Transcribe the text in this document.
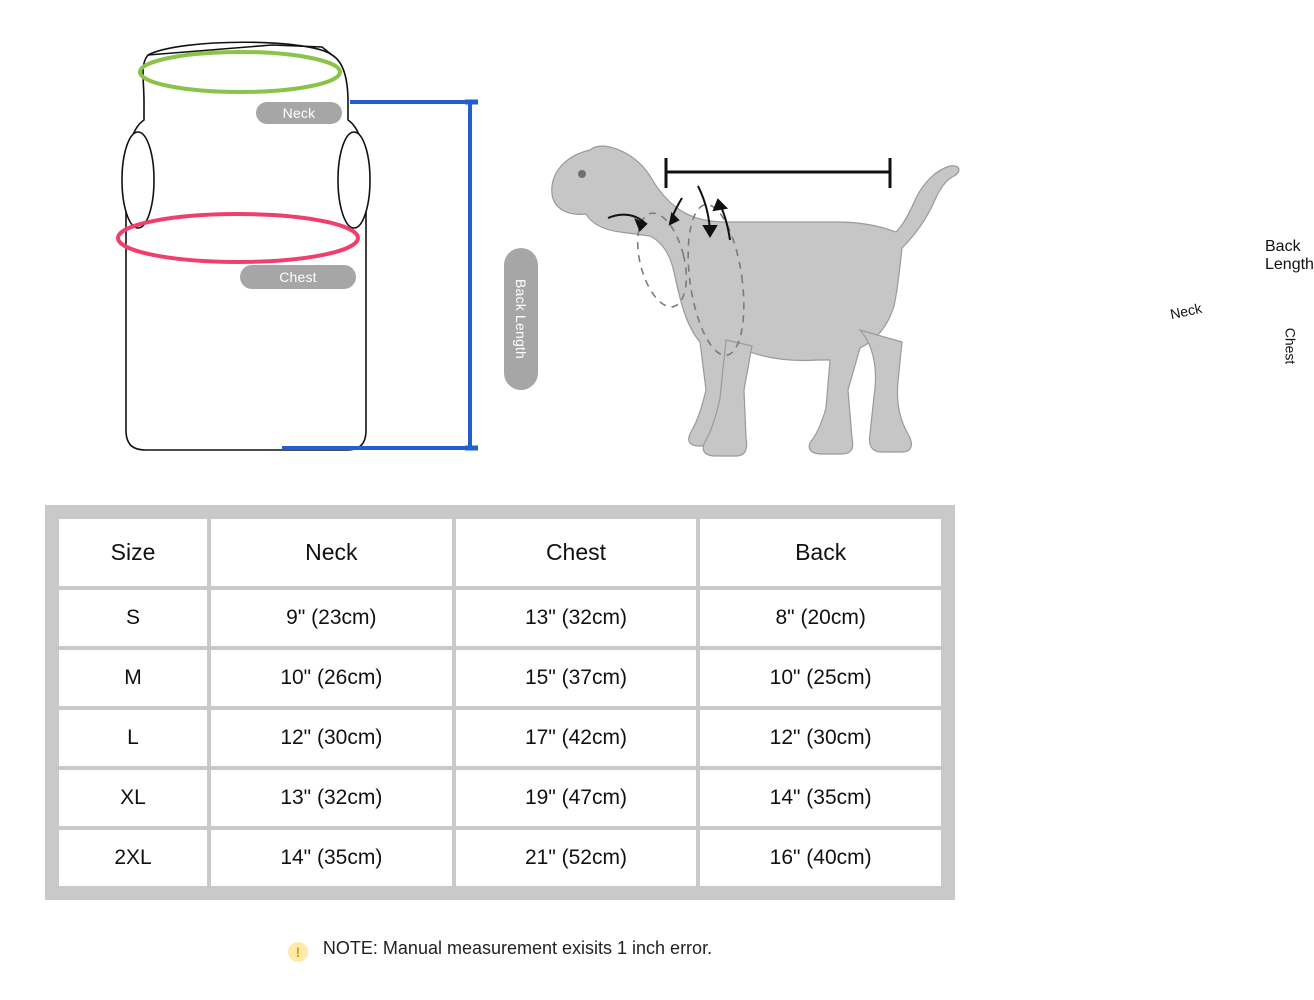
Neck
Chest
Back Length
Back Length
Neck
Chest
Size	Neck	Chest	Back
S	9" (23cm)	13" (32cm)	8" (20cm)
M	10" (26cm)	15" (37cm)	10" (25cm)
L	12" (30cm)	17" (42cm)	12" (30cm)
XL	13" (32cm)	19" (47cm)	14" (35cm)
2XL	14" (35cm)	21" (52cm)	16" (40cm)
! NOTE: Manual measurement exisits 1 inch error.
